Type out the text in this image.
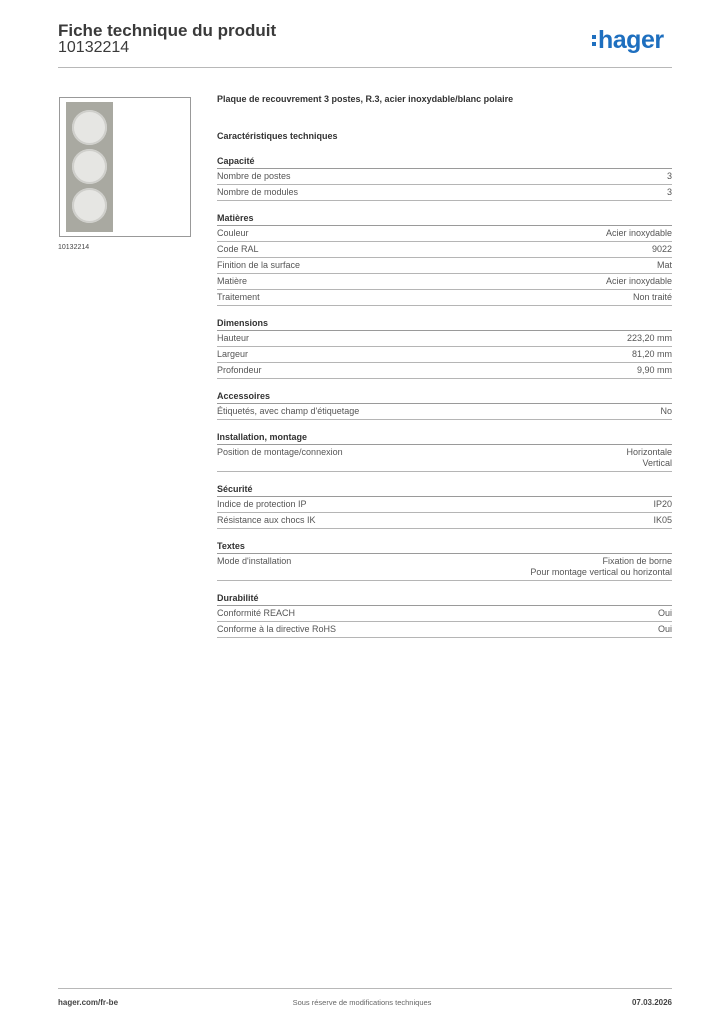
Fiche technique du produit
10132214	hager
10132214

Plaque de recouvrement 3 postes, R.3, acier inoxydable/blanc polaire

Caractéristiques techniques
Capacité
Nombre de postes	3
Nombre de modules	3
Matières
Couleur	Acier inoxydable
Code RAL	9022
Finition de la surface	Mat
Matière	Acier inoxydable
Traitement	Non traité
Dimensions
Hauteur	223,20 mm
Largeur	81,20 mm
Profondeur	9,90 mm
Accessoires
Étiquetés, avec champ d'étiquetage	No
Installation, montage
Position de montage/connexion	Horizontale
Vertical
Sécurité
Indice de protection IP	IP20
Résistance aux chocs IK	IK05
Textes
Mode d'installation	Fixation de borne
Pour montage vertical ou horizontal
Durabilité
Conformité REACH	Oui
Conforme à la directive RoHS	Oui
hager.com/fr-be	Sous réserve de modifications techniques	07.03.2026
